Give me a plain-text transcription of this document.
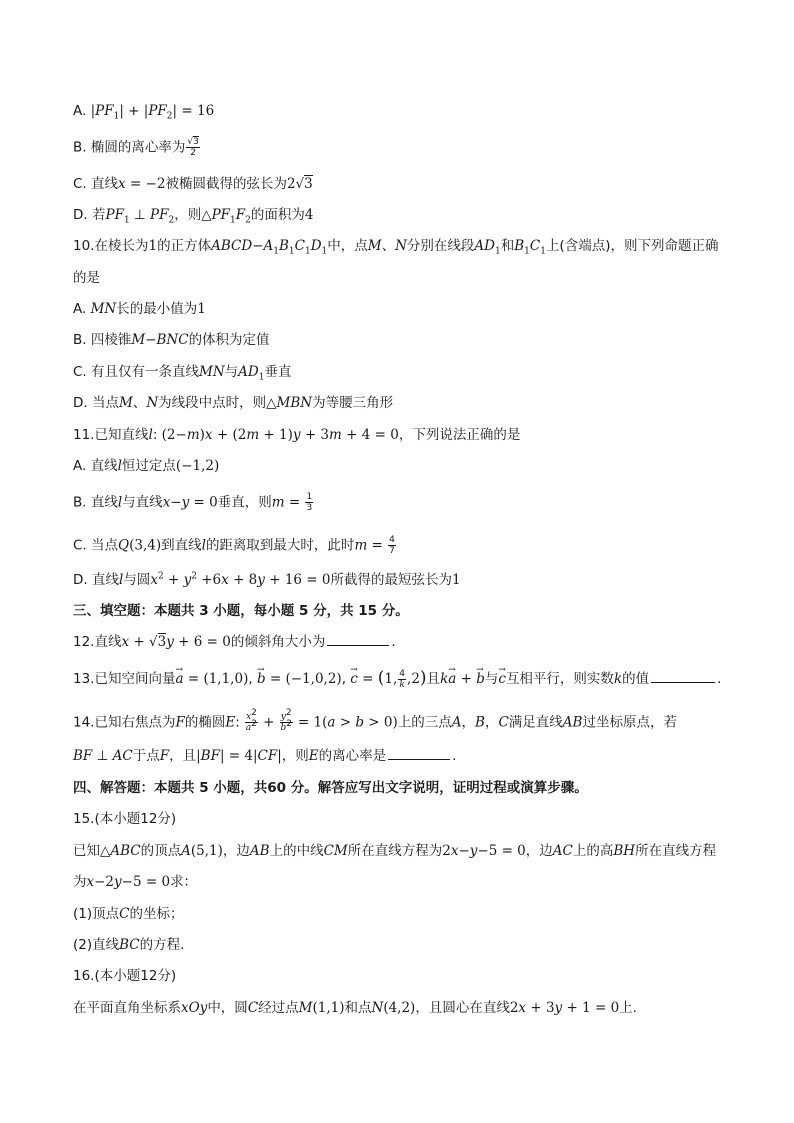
A. $|PF_1| + |PF_2| = 16$
B. 椭圆的离心率为 $\frac{√3}{2}$
C. 直线x = −2被椭圆截得的弦长为2√3
D. 若$PF_1$ ⊥ $PF_2$，则$\triangle PF_1F_2$的面积为4
10.在棱长为1的正方体$ABCD-A_1B_1C_1D_1$中，点M、N分别在线段$AD_1$和$B_1C_1$上(含端点)，则下列命题正确
的是
A. MN长的最小值为1
B. 四棱锥M−BNC的体积为定值
C. 有且仅有一条直线MN与$AD_1$垂直
D. 当点M、N为线段中点时，则△MBN为等腰三角形
11.已知直线l: (2−m)x + (2m + 1)y + 3m + 4 = 0，下列说法正确的是
A. 直线l恒过定点(−1,2)
B. 直线l与直线x−y = 0垂直，则$m = \frac{1}{3}$
C. 当点Q(3,4)到直线l的距离取到最大时，此时$m = \frac{4}{7}$
D. 直线l与圆$x^2 + y^2 +6x + 8y + 16 = 0$所截得的最短弦长为1
三、填空题：本题共 3 小题，每小题 5 分，共 15 分。
12.直线x + √3y + 6 = 0的倾斜角大小为	.
13.已知空间向量→ a = (1,1,0), → b = (−1,0,2), → c = (1, $\frac{4}{k} ,2$)且k→ a + → b与→ c互相平行，则实数k的值	.
14.已知右焦点为F的椭圆E: $\frac{x^2}{a^2} + \frac{y^2}{b^2} = 1(a > b > 0)$上的三点A，B，C满足直线AB过坐标原点，若
BF ⊥ AC于点F，且|BF| = 4|CF|，则E的离心率是	.
四、解答题：本题共 5 小题，共60 分。解答应写出文字说明，证明过程或演算步骤。
15.(本小题12分)
已知△ABC的顶点A(5,1)，边AB上的中线CM所在直线方程为2x−y−5 = 0，边AC上的高BH所在直线方程
为x−2y−5 = 0求：
(1)顶点C的坐标；
(2)直线BC的方程.
16.(本小题12分)
在平面直角坐标系xOy中，圆C经过点M(1,1)和点N(4,2)，且圆心在直线2x + 3y + 1 = 0上.
